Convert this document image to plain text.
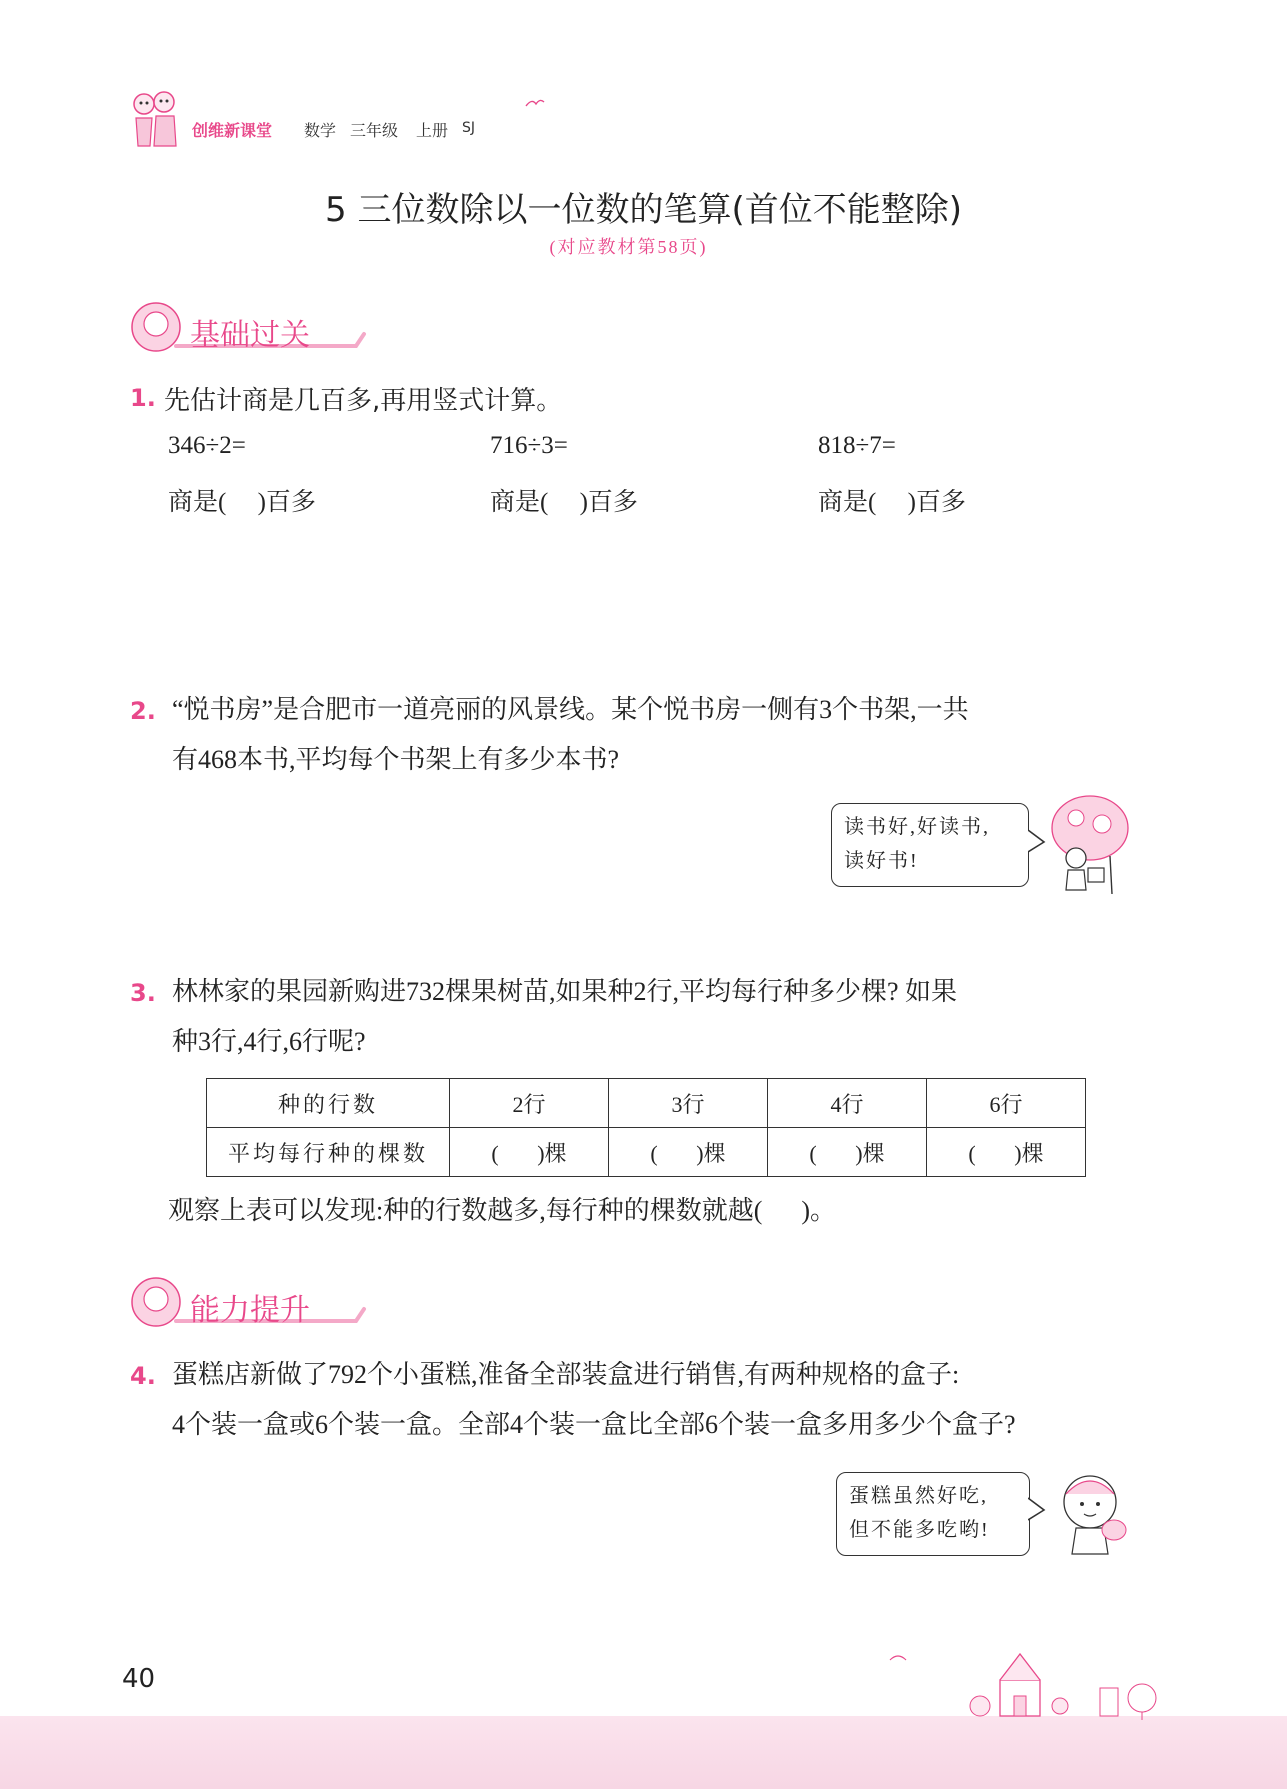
创维新课堂 数学 三年级 上册 SJ
5 三位数除以一位数的笔算(首位不能整除)
(对应教材第58页)
基础过关
1. 先估计商是几百多,再用竖式计算。
346÷2=
商是(     )百多
716÷3=
商是(     )百多
818÷7=
商是(     )百多
2. “悦书房”是合肥市一道亮丽的风景线。某个悦书房一侧有3个书架,一共
有468本书,平均每个书架上有多少本书?
读书好,好读书,
读好书!
3. 林林家的果园新购进732棵果树苗,如果种2行,平均每行种多少棵? 如果
种3行,4行,6行呢?
种的行数	2行	3行	4行	6行
平均每行种的棵数	(       )棵	(       )棵	(       )棵	(       )棵
观察上表可以发现:种的行数越多,每行种的棵数就越(      )。
能力提升
4. 蛋糕店新做了792个小蛋糕,准备全部装盒进行销售,有两种规格的盒子:
4个装一盒或6个装一盒。全部4个装一盒比全部6个装一盒多用多少个盒子?
蛋糕虽然好吃,
但不能多吃哟!
40
